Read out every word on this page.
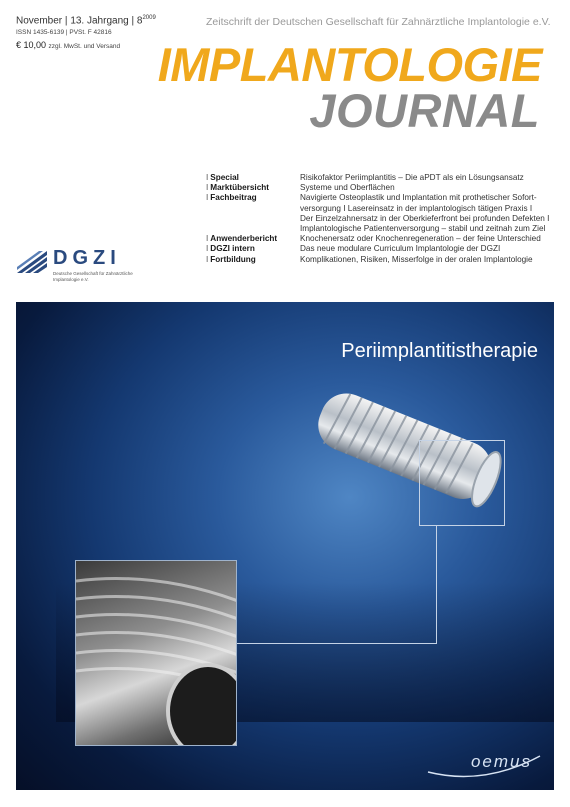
November | 13. Jahrgang | $8^{2009}$
ISSN 1435-6139 | PVSt. F 42816
€ 10,00 zzgl. MwSt. und Versand
Zeitschrift der Deutschen Gesellschaft für Zahnärztliche Implantologie e.V.
IMPLANTOLOGIE
JOURNAL
I Special	Risikofaktor Periimplantitis – Die aPDT als ein Lösungsansatz
I Marktübersicht	Systeme und Oberflächen
I Fachbeitrag	Navigierte Osteoplastik und Implantation mit prothetischer Sofort-
versorgung I Lasereinsatz in der implantologisch tätigen Praxis I
Der Einzelzahnersatz in der Oberkieferfront bei profunden Defekten I
Implantologische Patientenversorgung – stabil und zeitnah zum Ziel
I Anwenderbericht	Knochenersatz oder Knochenregeneration – der feine Unterschied
I DGZI intern	Das neue modulare Curriculum Implantologie der DGZI
I Fortbildung	Komplikationen, Risiken, Misserfolge in der oralen Implantologie
DGZI
Deutsche Gesellschaft für Zahnärztliche Implantologie e.V.
Periimplantitistherapie
oemus
